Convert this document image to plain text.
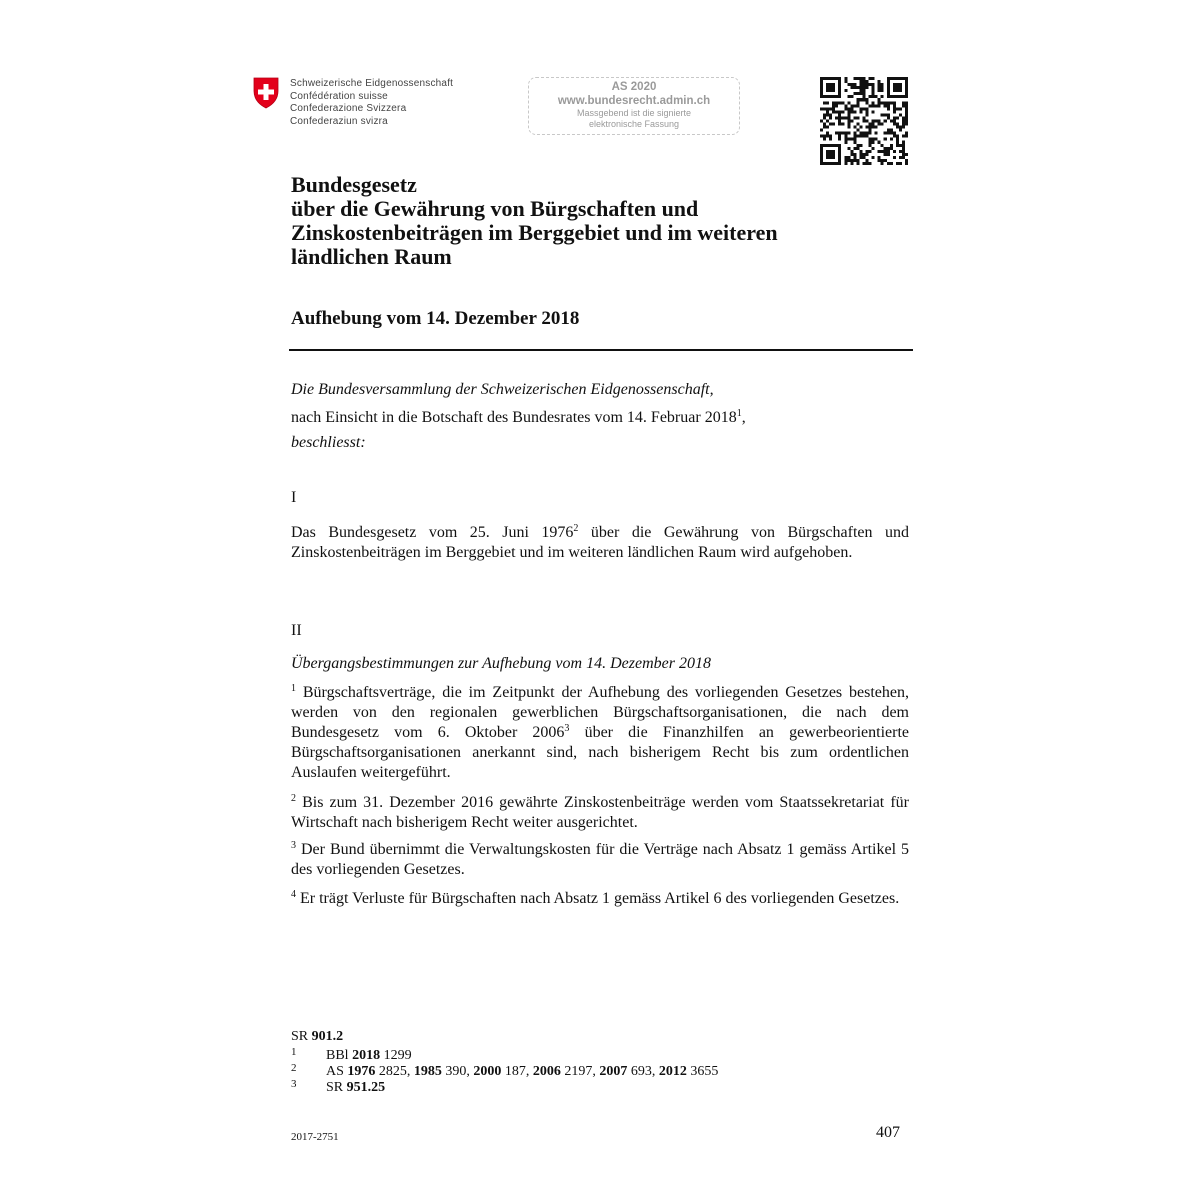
Schweizerische Eidgenossenschaft
Confédération suisse
Confederazione Svizzera
Confederaziun svizra
AS 2020
www.bundesrecht.admin.ch
Massgebend ist die signierte
elektronische Fassung
Bundesgesetz
über die Gewährung von Bürgschaften und
Zinskostenbeiträgen im Berggebiet und im weiteren
ländlichen Raum
Aufhebung vom 14. Dezember 2018
Die Bundesversammlung der Schweizerischen Eidgenossenschaft,
nach Einsicht in die Botschaft des Bundesrates vom 14. Februar 2018$^1$,
beschliesst:
I
Das Bundesgesetz vom 25. Juni 1976$^2$ über die Gewährung von Bürgschaften und Zinskostenbeiträgen im Berggebiet und im weiteren ländlichen Raum wird aufgehoben.
II
Übergangsbestimmungen zur Aufhebung vom 14. Dezember 2018
$^1$ Bürgschaftsverträge, die im Zeitpunkt der Aufhebung des vorliegenden Gesetzes bestehen, werden von den regionalen gewerblichen Bürgschaftsorganisationen, die nach dem Bundesgesetz vom 6. Oktober 2006$^3$ über die Finanzhilfen an gewerbeorientierte Bürgschaftsorganisationen anerkannt sind, nach bisherigem Recht bis zum ordentlichen Auslaufen weitergeführt.
$^2$ Bis zum 31. Dezember 2016 gewährte Zinskostenbeiträge werden vom Staatssekretariat für Wirtschaft nach bisherigem Recht weiter ausgerichtet.
$^3$ Der Bund übernimmt die Verwaltungskosten für die Verträge nach Absatz 1 gemäss Artikel 5 des vorliegenden Gesetzes.
$^4$ Er trägt Verluste für Bürgschaften nach Absatz 1 gemäss Artikel 6 des vorliegenden Gesetzes.
SR 901.2
1 BBl 2018 1299
2 AS 1976 2825, 1985 390, 2000 187, 2006 2197, 2007 693, 2012 3655
3 SR 951.25
2017-2751	407
